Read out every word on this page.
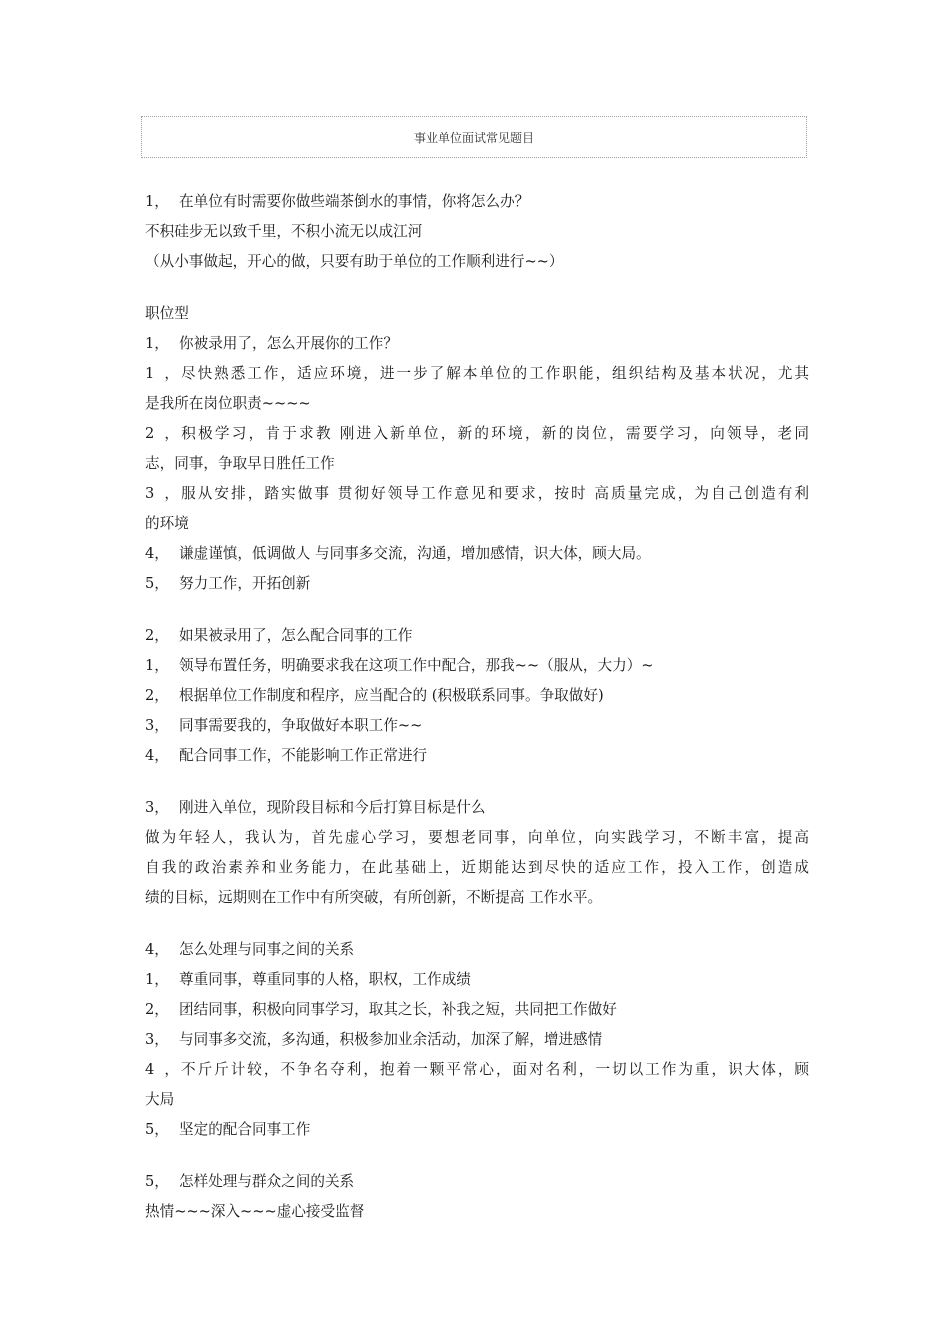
事业单位面试常见题目
1， 在单位有时需要你做些端茶倒水的事情，你将怎么办？
不积硅步无以致千里，不积小流无以成江河
（从小事做起，开心的做，只要有助于单位的工作顺利进行~~）
职位型
1， 你被录用了，怎么开展你的工作？
1，尽快熟悉工作，适应环境，进一步了解本单位的工作职能，组织结构及基本状况，尤其
是我所在岗位职责~~~~
2，积极学习，肯于求教 刚进入新单位，新的环境，新的岗位，需要学习，向领导，老同
志，同事，争取早日胜任工作
3，服从安排，踏实做事 贯彻好领导工作意见和要求，按时 高质量完成，为自己创造有利
的环境
4， 谦虚谨慎，低调做人 与同事多交流，沟通，增加感情，识大体，顾大局。
5， 努力工作，开拓创新
2， 如果被录用了，怎么配合同事的工作
1， 领导布置任务，明确要求我在这项工作中配合，那我~~（服从，大力）~
2， 根据单位工作制度和程序，应当配合的 (积极联系同事。争取做好)
3， 同事需要我的，争取做好本职工作~~
4， 配合同事工作，不能影响工作正常进行
3， 刚进入单位，现阶段目标和今后打算目标是什么
做为年轻人，我认为，首先虚心学习，要想老同事，向单位，向实践学习，不断丰富，提高
自我的政治素养和业务能力，在此基础上，近期能达到尽快的适应工作，投入工作，创造成
绩的目标，远期则在工作中有所突破，有所创新，不断提高 工作水平。
4， 怎么处理与同事之间的关系
1， 尊重同事，尊重同事的人格，职权，工作成绩
2， 团结同事，积极向同事学习，取其之长，补我之短，共同把工作做好
3， 与同事多交流，多沟通，积极参加业余活动，加深了解，增进感情
4，不斤斤计较，不争名夺利，抱着一颗平常心，面对名利，一切以工作为重，识大体，顾
大局
5， 坚定的配合同事工作
5， 怎样处理与群众之间的关系
热情~~~深入~~~虚心接受监督
